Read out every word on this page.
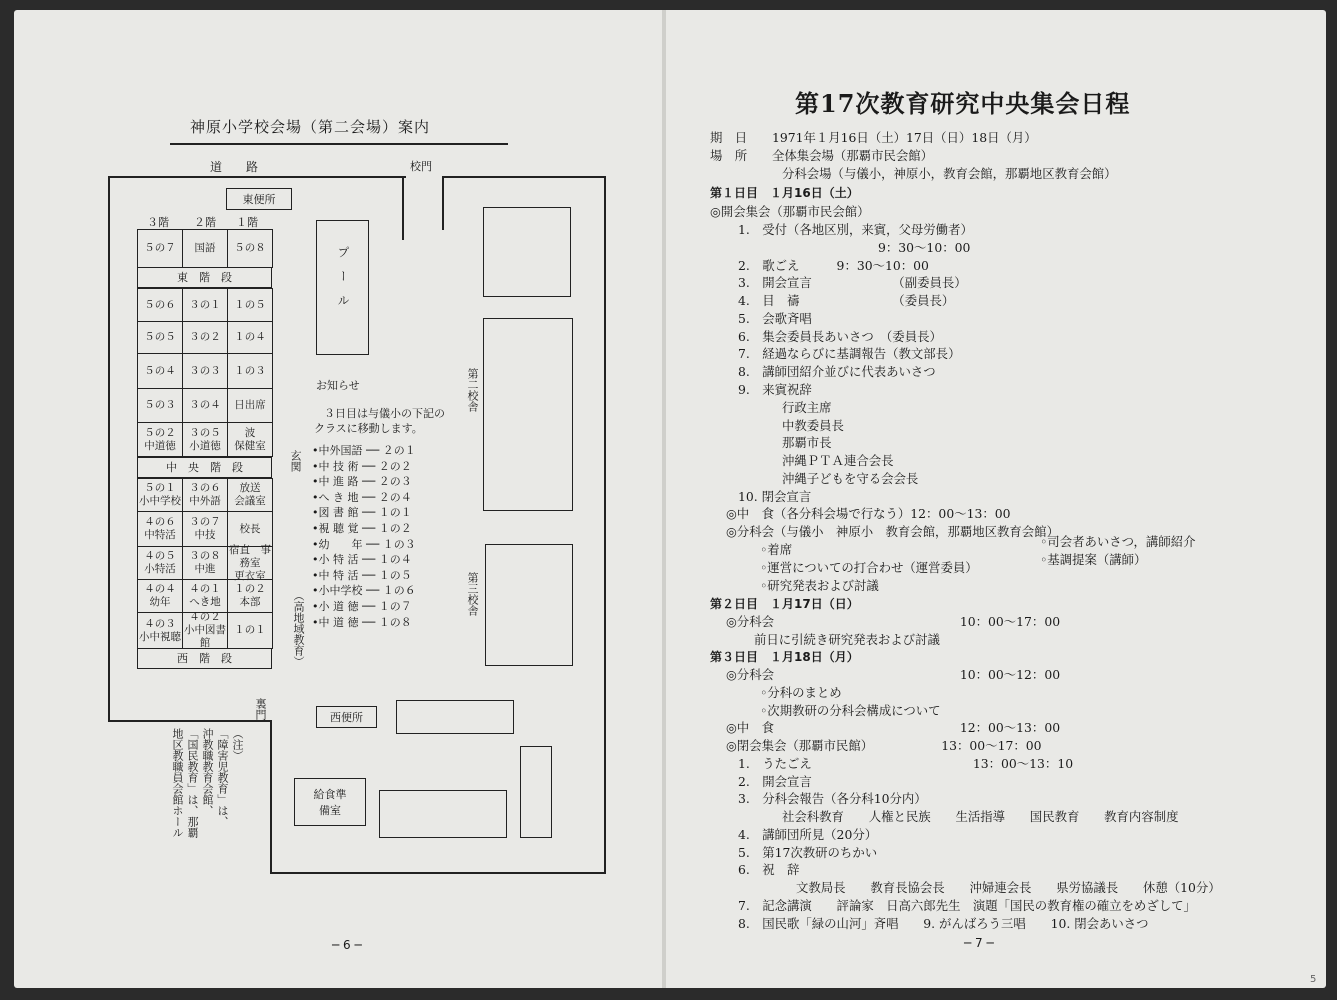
神原小学校会場（第二会場）案内
道　　路	校門
東便所
３階 ２階 １階
５の７ 国語 ５の８
５の６ ３の１ １の５
５の５ ３の２ １の４
５の４ ３の３ １の３
５の３ ３の４ 日出席
５の２
中道徳
３の５
小道徳
波
保健室
５の１
小中学校
３の６
中外語
放送
会議室
４の６
中特活
３の７
中技
校長
４の５
小特活
３の８
中進
宿直　事務室
更衣室
４の４
幼年
４の１
へき地
１の２
本部
４の３
小中視聴
４の２
小中図書館
１の１
東　階　段
中　央　階　段
西　階　段
プ　ー　ル
玄関
（高地域教育）
第二校舎
第三校舎
お知らせ
３日目は与儀小の下記の
クラスに移動します。
•中外国語 ── ２の１
•中 技 術 ── ２の２
•中 進 路 ── ２の３
•へ き 地 ── ２の４
•図 書 館 ── １の１
•視 聴 覚 ── １の２
•幼　　年 ── １の３
•小 特 活 ── １の４
•中 特 活 ── １の５
•小中学校 ── １の６
•小 道 徳 ── １の７
•中 道 徳 ── １の８
裏門	西便所
給食準備室
（注）
「障害児教育」は、
沖教職教育会館、
「国民教育」は、那覇
地区教職員会館ホール
─ 6 ─
第17次教育研究中央集会日程
期　日　　1971年１月16日（土）17日（日）18日（月）
場　所　　全体集会場（那覇市民会館）
分科会場（与儀小，神原小，教育会館，那覇地区教育会館）
第１日目　１月16日（土）
◎開会集会（那覇市民会館）
1.　受付（各地区別，来賓，父母労働者）
9：30〜10：00
2.　歌ごえ　　　9：30〜10：00
3.　開会宣言　　　　　　　（副委員長）
4.　目　禱　　　　　　　　（委員長）
5.　会歌斉唱
6.　集会委員長あいさつ　（委員長）
7.　経過ならびに基調報告（教文部長）
8.　講師団紹介並びに代表あいさつ
9.　来賓祝辞
行政主席
中教委員長
那覇市長
沖縄ＰＴＡ連合会長
沖縄子どもを守る会会長
10. 閉会宣言
◎中　食（各分科会場で行なう）12：00〜13：00
◎分科会（与儀小　神原小　教育会館，那覇地区教育会館）
◦着席
◦司会者あいさつ，講師紹介
◦運営についての打合わせ（運営委員）
◦基調提案（講師）
◦研究発表および討議
第２日目　１月17日（日）
◎分科会　　　　　　　　　　　　　　　10：00〜17：00
前日に引続き研究発表および討議
第３日目　１月18日（月）
◎分科会　　　　　　　　　　　　　　　10：00〜12：00
◦分科のまとめ
◦次期教研の分科会構成について
◎中　食　　　　　　　　　　　　　　　12：00〜13：00
◎閉会集会（那覇市民館）　　　　　　13：00〜17：00
1.　うたごえ　　　　　　　　　　　　　13：00〜13：10
2.　開会宣言
3.　分科会報告（各分科10分内）
社会科教育　　人権と民族　　生活指導　　国民教育　　教育内容制度
4.　講師団所見（20分）
5.　第17次教研のちかい
6.　祝　辞
文教局長　　教育長協会長　　沖婦連会長　　県労協議長　　休憩（10分）
7.　記念講演　　評論家　日高六郎先生　演題「国民の教育権の確立をめざして」
8.　国民歌「緑の山河」斉唱　　9. がんばろう三唱　　10. 閉会あいさつ
─ 7 ─
5
